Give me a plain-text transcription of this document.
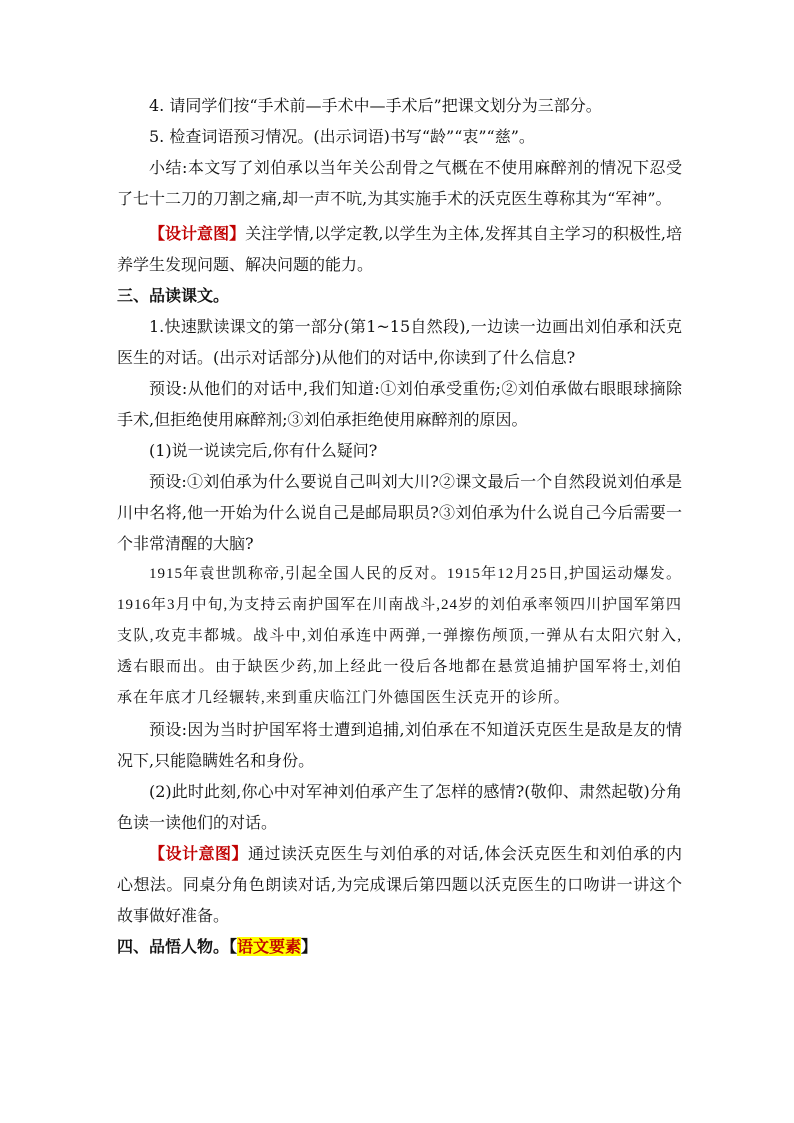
4. 请同学们按“手术前—手术中—手术后”把课文划分为三部分。

5. 检查词语预习情况。(出示词语)书写“龄”“衷”“慈”。

小结:本文写了刘伯承以当年关公刮骨之气概在不使用麻醉剂的情况下忍受了七十二刀的刀割之痛,却一声不吭,为其实施手术的沃克医生尊称其为“军神”。

【设计意图】关注学情,以学定教,以学生为主体,发挥其自主学习的积极性,培养学生发现问题、解决问题的能力。

三、品读课文。

1.快速默读课文的第一部分(第1~15自然段),一边读一边画出刘伯承和沃克医生的对话。(出示对话部分)从他们的对话中,你读到了什么信息?

预设:从他们的对话中,我们知道:①刘伯承受重伤;②刘伯承做右眼眼球摘除手术,但拒绝使用麻醉剂;③刘伯承拒绝使用麻醉剂的原因。

(1)说一说读完后,你有什么疑问?

预设:①刘伯承为什么要说自己叫刘大川?②课文最后一个自然段说刘伯承是川中名将,他一开始为什么说自己是邮局职员?③刘伯承为什么说自己今后需要一个非常清醒的大脑?

1915年袁世凯称帝,引起全国人民的反对。1915年12月25日,护国运动爆发。1916年3月中旬,为支持云南护国军在川南战斗,24岁的刘伯承率领四川护国军第四支队,攻克丰都城。战斗中,刘伯承连中两弹,一弹擦伤颅顶,一弹从右太阳穴射入,透右眼而出。由于缺医少药,加上经此一役后各地都在悬赏追捕护国军将士,刘伯承在年底才几经辗转,来到重庆临江门外德国医生沃克开的诊所。

预设:因为当时护国军将士遭到追捕,刘伯承在不知道沃克医生是敌是友的情况下,只能隐瞒姓名和身份。

(2)此时此刻,你心中对军神刘伯承产生了怎样的感情?(敬仰、肃然起敬)分角色读一读他们的对话。

【设计意图】通过读沃克医生与刘伯承的对话,体会沃克医生和刘伯承的内心想法。同桌分角色朗读对话,为完成课后第四题以沃克医生的口吻讲一讲这个故事做好准备。

四、品悟人物。【语文要素】
